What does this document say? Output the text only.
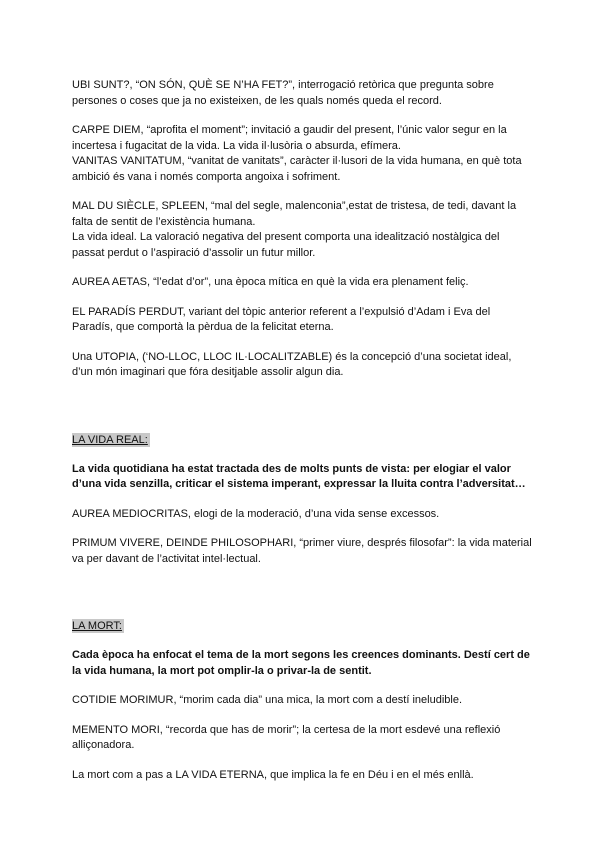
UBI SUNT?, “ON SÓN, QUÈ SE N’HA FET?”, interrogació retòrica que pregunta sobre persones o coses que ja no existeixen, de les quals només queda el record.

CARPE DIEM, “aprofita el moment”; invitació a gaudir del present, l’únic valor segur en la incertesa i fugacitat de la vida. La vida il·lusòria o absurda, efímera.

VANITAS VANITATUM, “vanitat de vanitats”, caràcter il·lusori de la vida humana, en què tota ambició és vana i només comporta angoixa i sofriment.

MAL DU SIÈCLE, SPLEEN, “mal del segle, malenconia”,estat de tristesa, de tedi, davant la falta de sentit de l’existència humana.

La vida ideal. La valoració negativa del present comporta una idealització nostàlgica del passat perdut o l’aspiració d’assolir un futur millor.

AUREA AETAS, “l’edat d’or”, una època mítica en què la vida era plenament feliç.

EL PARADÍS PERDUT, variant del tòpic anterior referent a l’expulsió d’Adam i Eva del Paradís, que comportà la pèrdua de la felicitat eterna.

Una UTOPIA, (‘NO-LLOC, LLOC IL·LOCALITZABLE) és la concepció d’una societat ideal, d’un món imaginari que fóra desitjable assolir algun dia.

LA VIDA REAL:

La vida quotidiana ha estat tractada des de molts punts de vista: per elogiar el valor d’una vida senzilla, criticar el sistema imperant, expressar la lluita contra l’adversitat…

AUREA MEDIOCRITAS, elogi de la moderació, d’una vida sense excessos.

PRIMUM VIVERE, DEINDE PHILOSOPHARI, “primer viure, després filosofar”: la vida material va per davant de l’activitat intel·lectual.

LA MORT:

Cada època ha enfocat el tema de la mort segons les creences dominants. Destí cert de la vida humana, la mort pot omplir-la o privar-la de sentit.

COTIDIE MORIMUR, “morim cada dia” una mica, la mort com a destí ineludible.

MEMENTO MORI, “recorda que has de morir”; la certesa de la mort esdevé una reflexió alliçonadora.

La mort com a pas a LA VIDA ETERNA, que implica la fe en Déu i en el més enllà.
